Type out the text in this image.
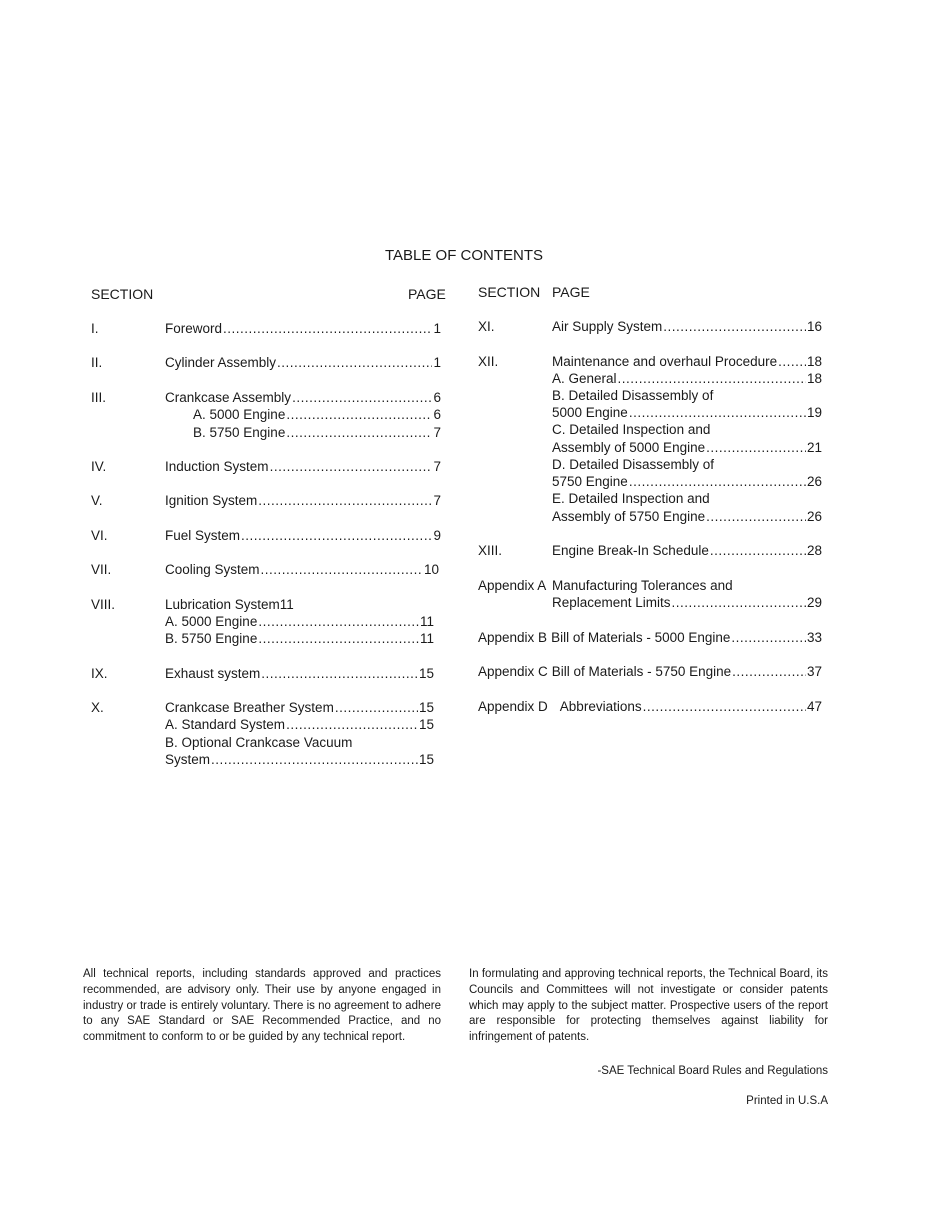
TABLE OF CONTENTS
SECTION	PAGE
I.	Foreword .....	1
II.	Cylinder Assembly .....	1
III.	Crankcase Assembly .....	6
A. 5000 Engine .....	6
B. 5750 Engine .....	7
IV.	Induction System .....	7
V.	Ignition System .....	7
VI.	Fuel System .....	9
VII.	Cooling System .....	10
VIII.	Lubrication System11
A. 5000 Engine .....	11
B. 5750 Engine .....	11
IX.	Exhaust system .....	15
X.	Crankcase Breather System .....	15
A. Standard System .....	15
B. Optional Crankcase Vacuum
System .....	15
SECTION PAGE
XI.	Air Supply System .....	16
XII.	Maintenance and overhaul Procedure ..... 18
A. General .....	18
B. Detailed Disassembly of
5000 Engine .....	19
C. Detailed Inspection and
Assembly of 5000 Engine .....	21
D. Detailed Disassembly of
5750 Engine .....	26
E. Detailed Inspection and
Assembly of 5750 Engine .....	26
XIII.	Engine Break-In Schedule .....	28
Appendix A Manufacturing Tolerances and
Replacement Limits .....	29
Appendix B Bill of Materials - 5000 Engine .....	33
Appendix C Bill of Materials - 5750 Engine .....	37
Appendix D Abbreviations .....	47
All technical reports, including standards approved and practices recommended, are advisory only. Their use by anyone engaged in industry or trade is entirely voluntary. There is no agreement to adhere to any SAE Standard or SAE Recommended Practice, and no commitment to conform to or be guided by any technical report.
In formulating and approving technical reports, the Technical Board, its Councils and Committees will not investigate or consider patents which may apply to the subject matter. Prospective users of the report are responsible for protecting themselves against liability for infringement of patents.
-SAE Technical Board Rules and Regulations
Printed in U.S.A
